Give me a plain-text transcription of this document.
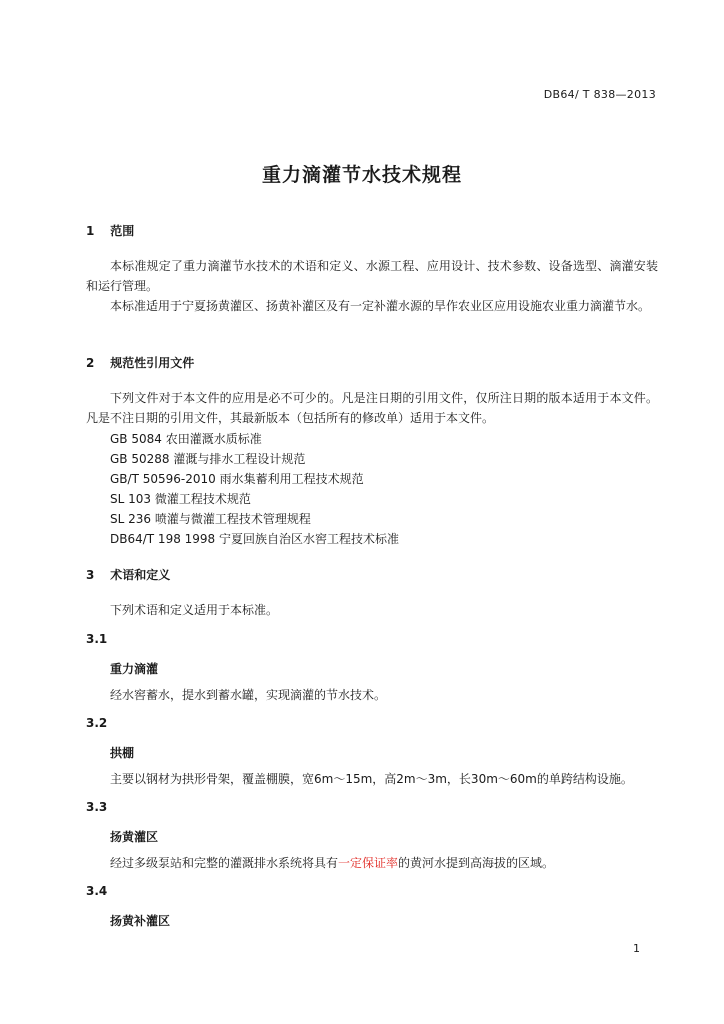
DB64/ T 838—2013
重力滴灌节水技术规程
1 范围
本标准规定了重力滴灌节水技术的术语和定义、水源工程、应用设计、技术参数、设备选型、滴灌安装和运行管理。
本标准适用于宁夏扬黄灌区、扬黄补灌区及有一定补灌水源的旱作农业区应用设施农业重力滴灌节水。
2 规范性引用文件
下列文件对于本文件的应用是必不可少的。凡是注日期的引用文件，仅所注日期的版本适用于本文件。凡是不注日期的引用文件，其最新版本（包括所有的修改单）适用于本文件。
GB 5084 农田灌溉水质标准
GB 50288 灌溉与排水工程设计规范
GB/T 50596-2010 雨水集蓄利用工程技术规范
SL 103 微灌工程技术规范
SL 236 喷灌与微灌工程技术管理规程
DB64/T 198 1998 宁夏回族自治区水窖工程技术标准
3 术语和定义
下列术语和定义适用于本标准。
3.1
重力滴灌
经水窖蓄水，提水到蓄水罐，实现滴灌的节水技术。
3.2
拱棚
主要以钢材为拱形骨架，覆盖棚膜，宽6m～15m，高2m～3m，长30m～60m的单跨结构设施。
3.3
扬黄灌区
经过多级泵站和完整的灌溉排水系统将具有一定保证率的黄河水提到高海拔的区域。
3.4
扬黄补灌区
1
